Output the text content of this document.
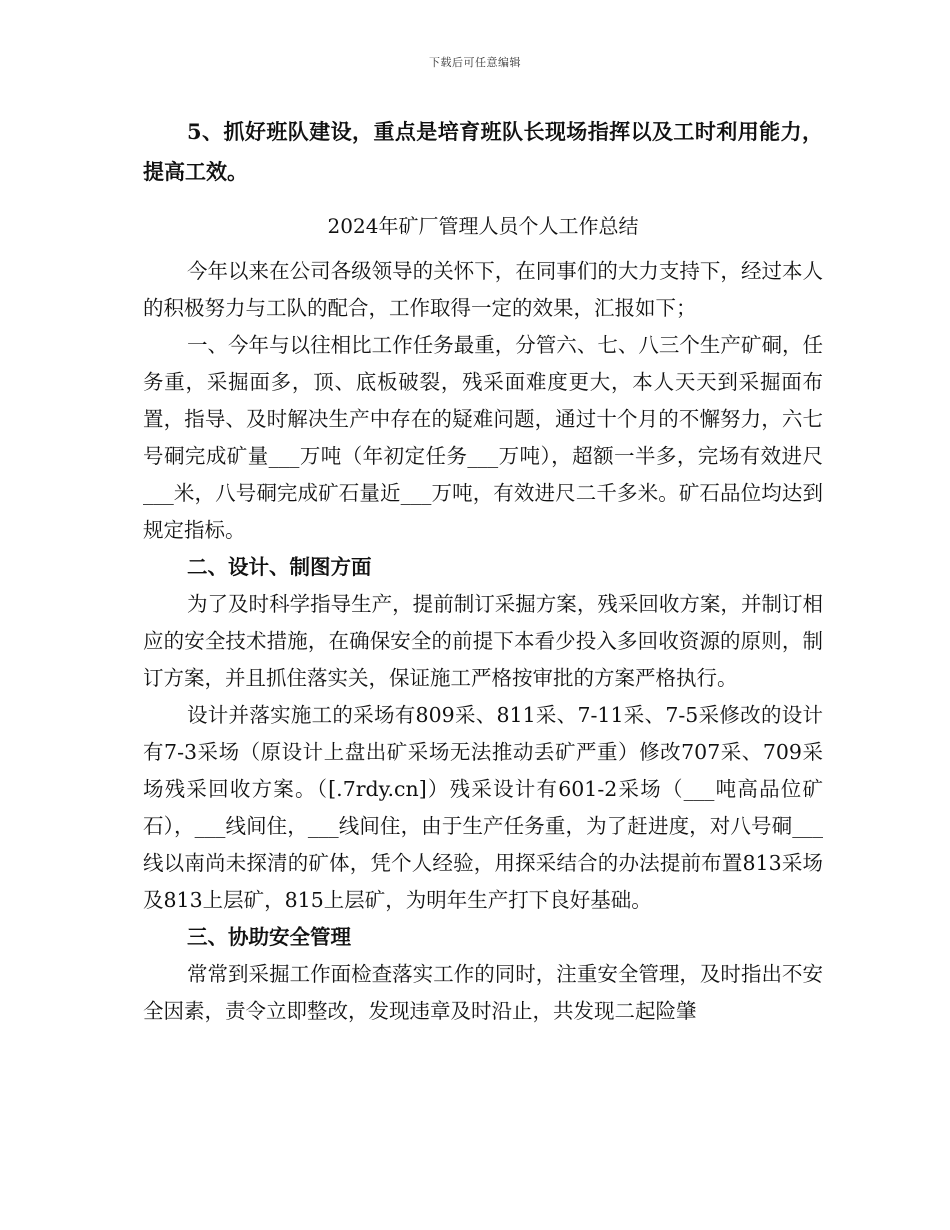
下载后可任意编辑

5、抓好班队建设，重点是培育班队长现场指挥以及工时利用能力，提高工效。

2024年矿厂管理人员个人工作总结

今年以来在公司各级领导的关怀下，在同事们的大力支持下，经过本人的积极努力与工队的配合，工作取得一定的效果，汇报如下；

一、今年与以往相比工作任务最重，分管六、七、八三个生产矿硐，任务重，采掘面多，顶、底板破裂，残采面难度更大，本人天天到采掘面布置，指导、及时解决生产中存在的疑难问题，通过十个月的不懈努力，六七号硐完成矿量___万吨（年初定任务___万吨），超额一半多，完场有效进尺___米，八号硐完成矿石量近___万吨，有效进尺二千多米。矿石品位均达到规定指标。

二、设计、制图方面

为了及时科学指导生产，提前制订采掘方案，残采回收方案，并制订相应的安全技术措施，在确保安全的前提下本看少投入多回收资源的原则，制订方案，并且抓住落实关，保证施工严格按审批的方案严格执行。

设计并落实施工的采场有809采、811采、7-11采、7-5采修改的设计有7-3采场（原设计上盘出矿采场无法推动丢矿严重）修改707采、709采场残采回收方案。（[.7rdy.cn]）残采设计有601-2采场（___吨高品位矿石），___线间住，___线间住，由于生产任务重，为了赶进度，对八号硐___线以南尚未探清的矿体，凭个人经验，用探采结合的办法提前布置813采场及813上层矿，815上层矿，为明年生产打下良好基础。

三、协助安全管理

常常到采掘工作面检查落实工作的同时，注重安全管理，及时指出不安全因素，责令立即整改，发现违章及时沿止，共发现二起险肇
